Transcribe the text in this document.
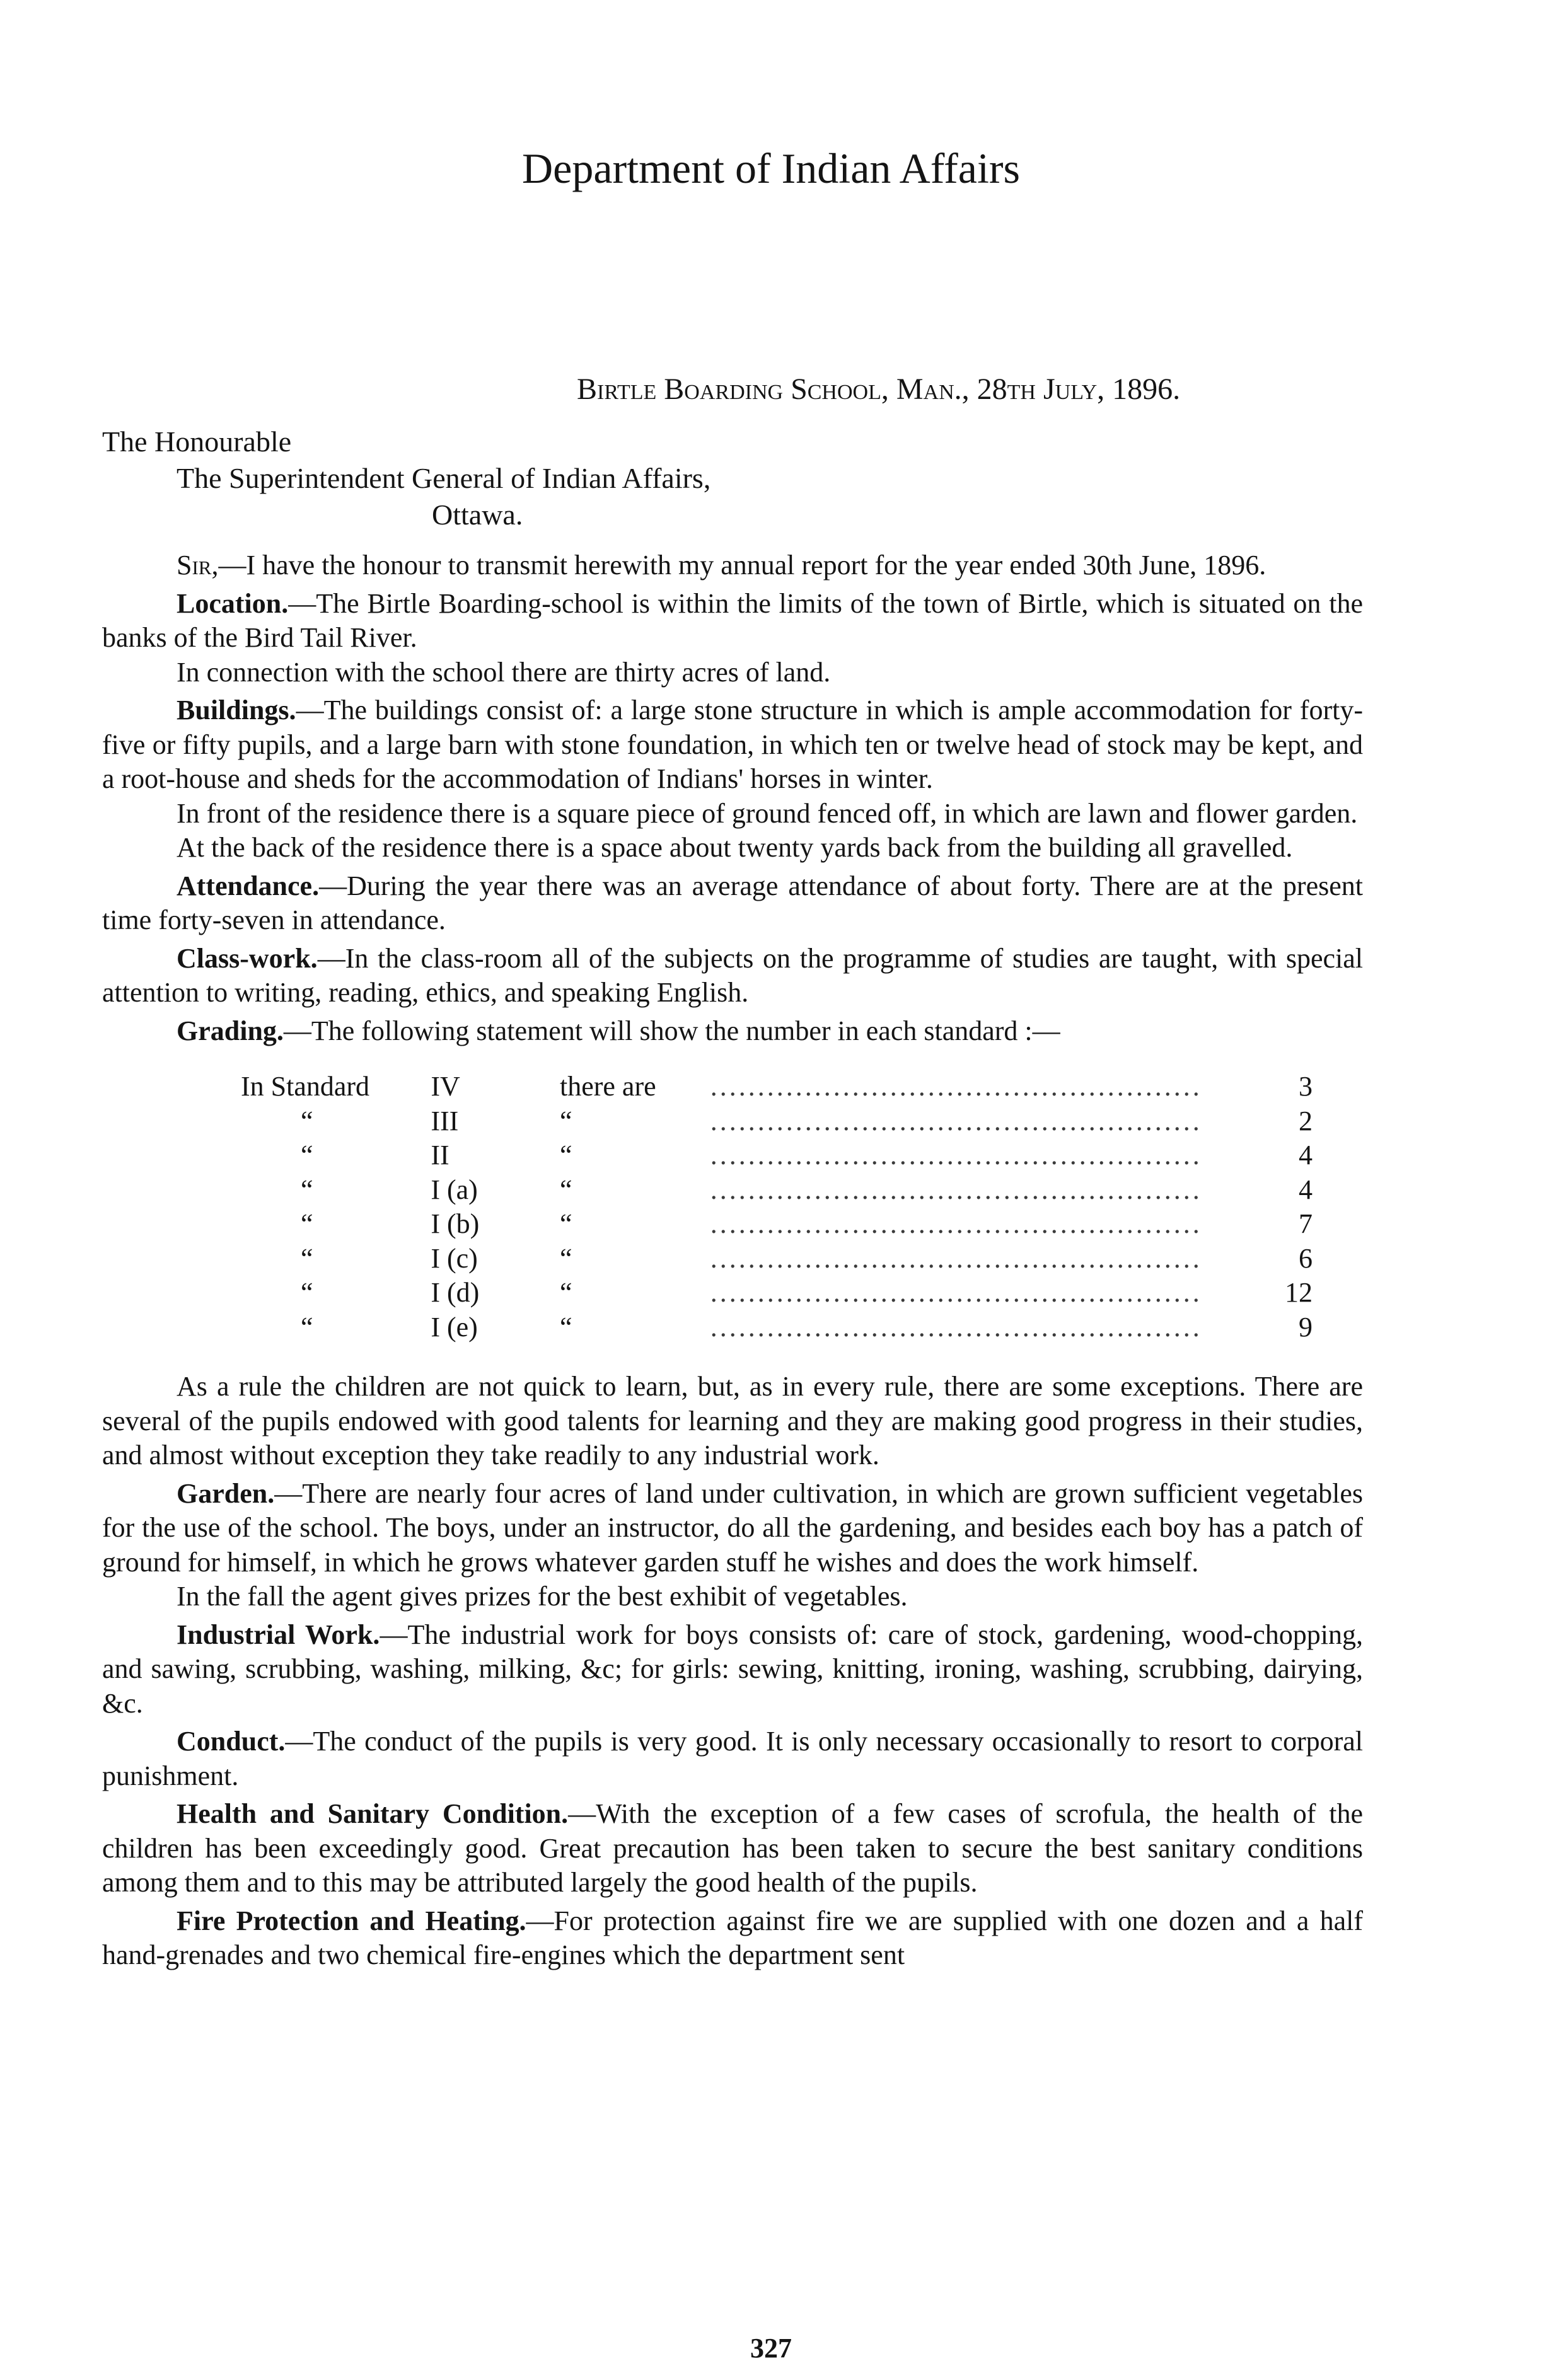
Department of Indian Affairs
Birtle Boarding School, Man., 28th July, 1896.
The Honourable
The Superintendent General of Indian Affairs,
Ottawa.

Sir,—I have the honour to transmit herewith my annual report for the year ended 30th June, 1896.

Location.—The Birtle Boarding-school is within the limits of the town of Birtle, which is situated on the banks of the Bird Tail River.

In connection with the school there are thirty acres of land.

Buildings.—The buildings consist of: a large stone structure in which is ample accommodation for forty-five or fifty pupils, and a large barn with stone foundation, in which ten or twelve head of stock may be kept, and a root-house and sheds for the accommodation of Indians' horses in winter.

In front of the residence there is a square piece of ground fenced off, in which are lawn and flower garden.

At the back of the residence there is a space about twenty yards back from the building all gravelled.

Attendance.—During the year there was an average attendance of about forty. There are at the present time forty-seven in attendance.

Class-work.—In the class-room all of the subjects on the programme of studies are taught, with special attention to writing, reading, ethics, and speaking English.

Grading.—The following statement will show the number in each standard :—

In Standard	IV	there are	....................................................	3
“	III	“	....................................................	2
“	II	“	....................................................	4
“	I (a)	“	....................................................	4
“	I (b)	“	....................................................	7
“	I (c)	“	....................................................	6
“	I (d)	“	....................................................	12
“	I (e)	“	....................................................	9

As a rule the children are not quick to learn, but, as in every rule, there are some exceptions. There are several of the pupils endowed with good talents for learning and they are making good progress in their studies, and almost without exception they take readily to any industrial work.

Garden.—There are nearly four acres of land under cultivation, in which are grown sufficient vegetables for the use of the school. The boys, under an instructor, do all the gardening, and besides each boy has a patch of ground for himself, in which he grows whatever garden stuff he wishes and does the work himself.

In the fall the agent gives prizes for the best exhibit of vegetables.

Industrial Work.—The industrial work for boys consists of: care of stock, gardening, wood-chopping, and sawing, scrubbing, washing, milking, &c; for girls: sewing, knitting, ironing, washing, scrubbing, dairying, &c.

Conduct.—The conduct of the pupils is very good. It is only necessary occasionally to resort to corporal punishment.

Health and Sanitary Condition.—With the exception of a few cases of scrofula, the health of the children has been exceedingly good. Great precaution has been taken to secure the best sanitary conditions among them and to this may be attributed largely the good health of the pupils.

Fire Protection and Heating.—For protection against fire we are supplied with one dozen and a half hand-grenades and two chemical fire-engines which the department sent

327
